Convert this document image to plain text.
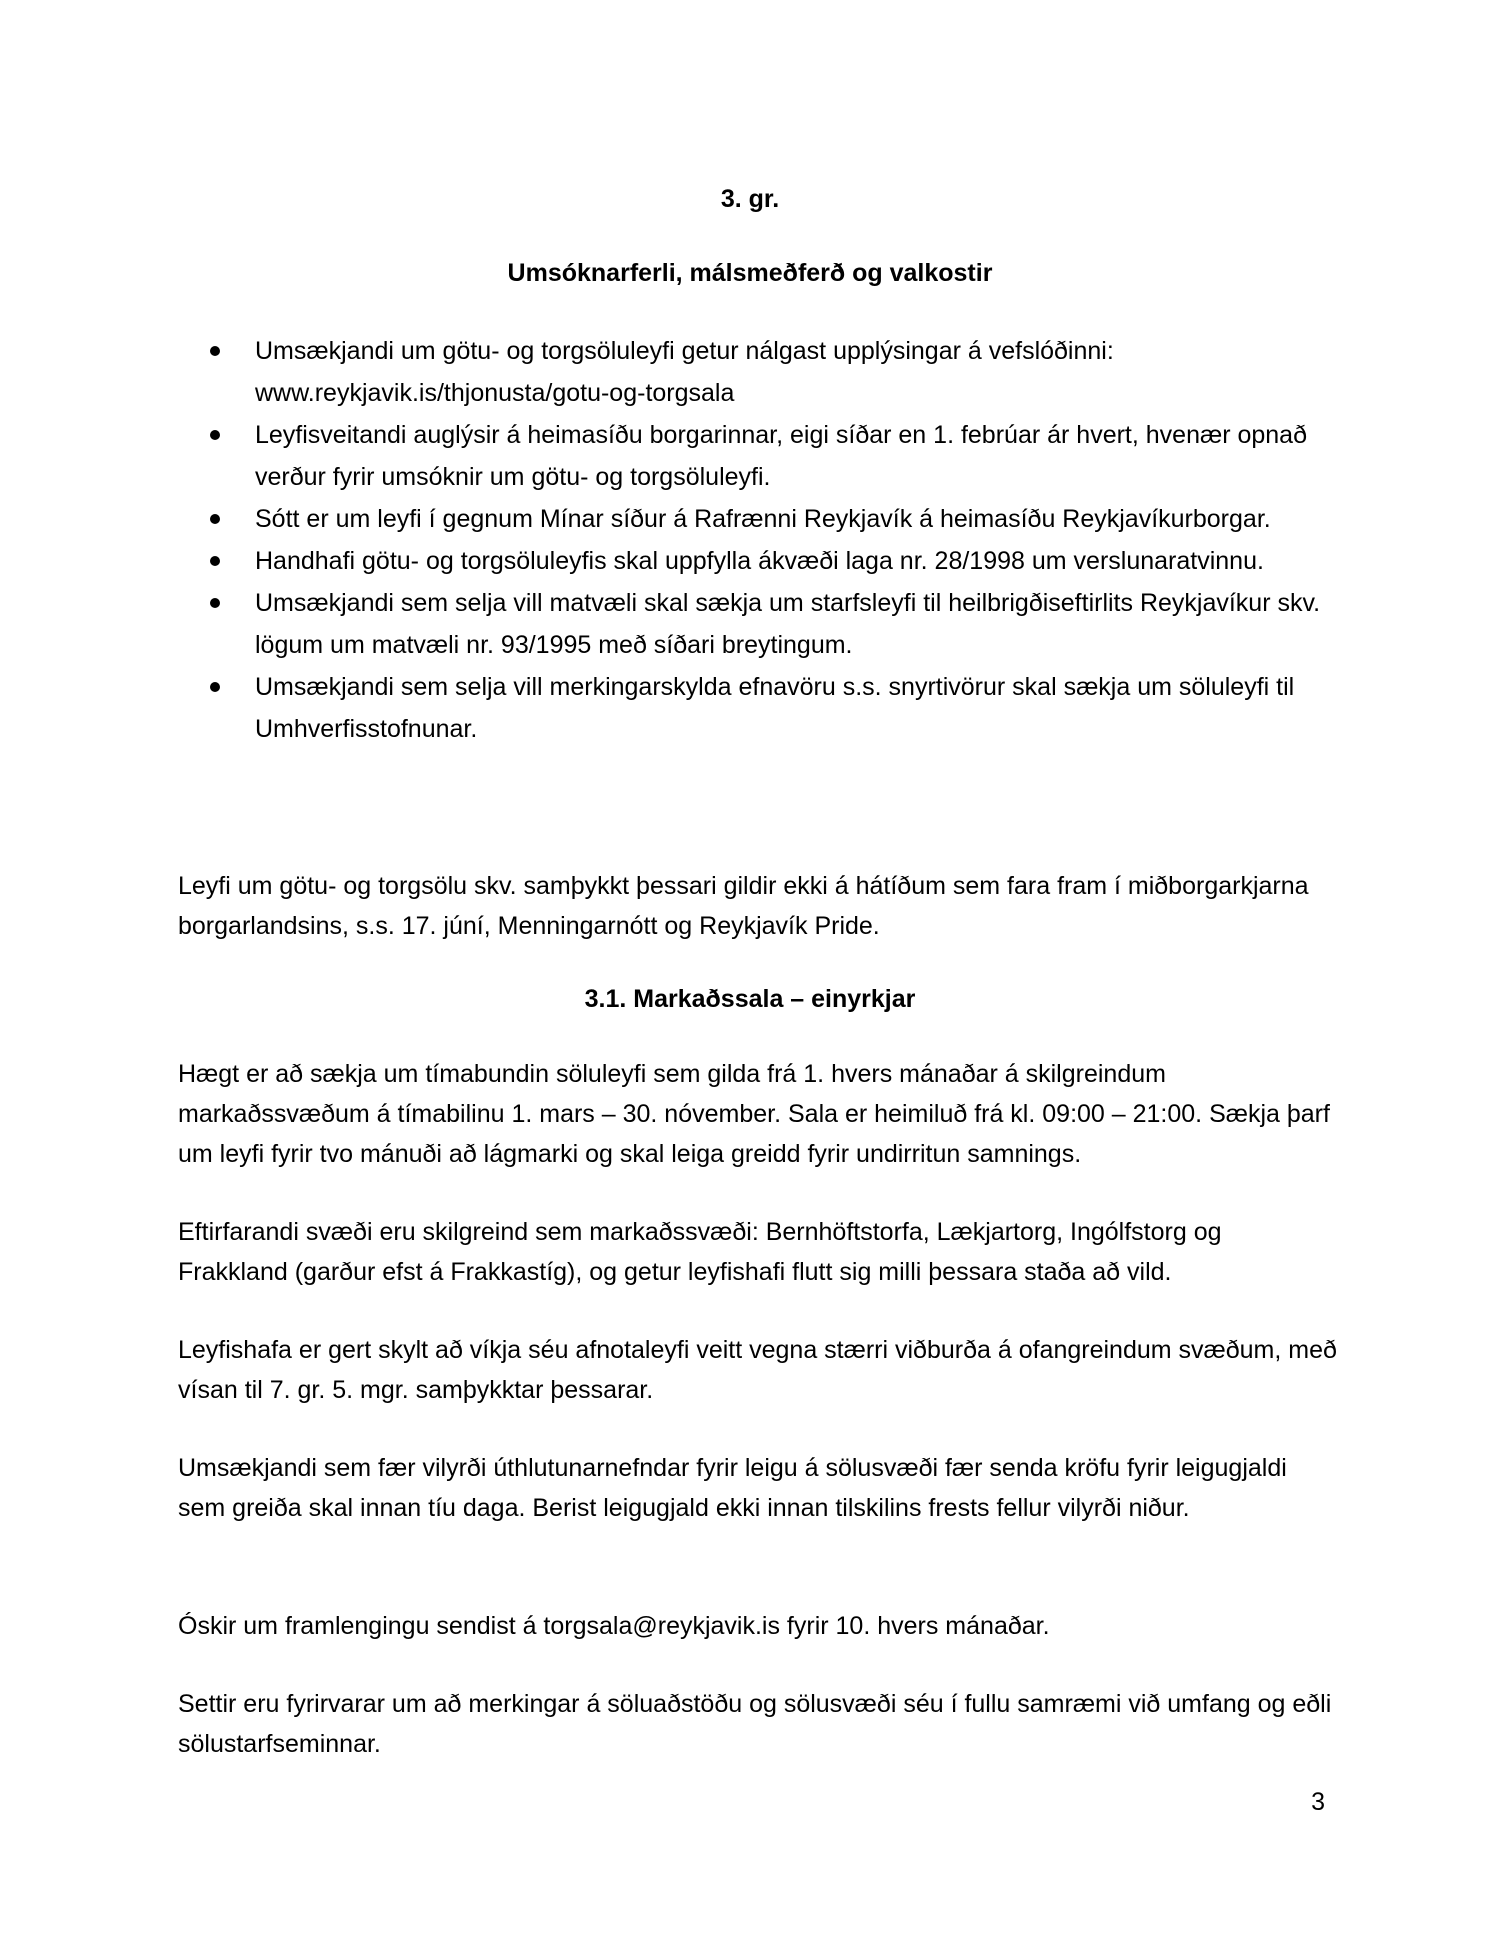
3. gr.
Umsóknarferli, málsmeðferð og valkostir
Umsækjandi um götu- og torgsöluleyfi getur nálgast upplýsingar á vefslóðinni: www.reykjavik.is/thjonusta/gotu-og-torgsala
Leyfisveitandi auglýsir á heimasíðu borgarinnar, eigi síðar en 1. febrúar ár hvert, hvenær opnað verður fyrir umsóknir um götu- og torgsöluleyfi.
Sótt er um leyfi í gegnum Mínar síður á Rafrænni Reykjavík á heimasíðu Reykjavíkurborgar.
Handhafi götu- og torgsöluleyfis skal uppfylla ákvæði laga nr. 28/1998 um verslunaratvinnu.
Umsækjandi sem selja vill matvæli skal sækja um starfsleyfi til heilbrigðiseftirlits Reykjavíkur skv. lögum um matvæli nr. 93/1995 með síðari breytingum.
Umsækjandi sem selja vill merkingarskylda efnavöru s.s. snyrtivörur skal sækja um söluleyfi til Umhverfisstofnunar.

Leyfi um götu- og torgsölu skv. samþykkt þessari gildir ekki á hátíðum sem fara fram í miðborgarkjarna borgarlandsins, s.s. 17. júní, Menningarnótt og Reykjavík Pride.

3.1. Markaðssala – einyrkjar

Hægt er að sækja um tímabundin söluleyfi sem gilda frá 1. hvers mánaðar á skilgreindum markaðssvæðum á tímabilinu 1. mars – 30. nóvember. Sala er heimiluð frá kl. 09:00 – 21:00. Sækja þarf um leyfi fyrir tvo mánuði að lágmarki og skal leiga greidd fyrir undirritun samnings.

Eftirfarandi svæði eru skilgreind sem markaðssvæði: Bernhöftstorfa, Lækjartorg, Ingólfstorg og Frakkland (garður efst á Frakkastíg), og getur leyfishafi flutt sig milli þessara staða að vild.

Leyfishafa er gert skylt að víkja séu afnotaleyfi veitt vegna stærri viðburða á ofangreindum svæðum, með vísan til 7. gr. 5. mgr. samþykktar þessarar.

Umsækjandi sem fær vilyrði úthlutunarnefndar fyrir leigu á sölusvæði fær senda kröfu fyrir leigugjaldi sem greiða skal innan tíu daga. Berist leigugjald ekki innan tilskilins frests fellur vilyrði niður.

Óskir um framlengingu sendist á torgsala@reykjavik.is fyrir 10. hvers mánaðar.

Settir eru fyrirvarar um að merkingar á söluaðstöðu og sölusvæði séu í fullu samræmi við umfang og eðli sölustarfseminnar.

3
